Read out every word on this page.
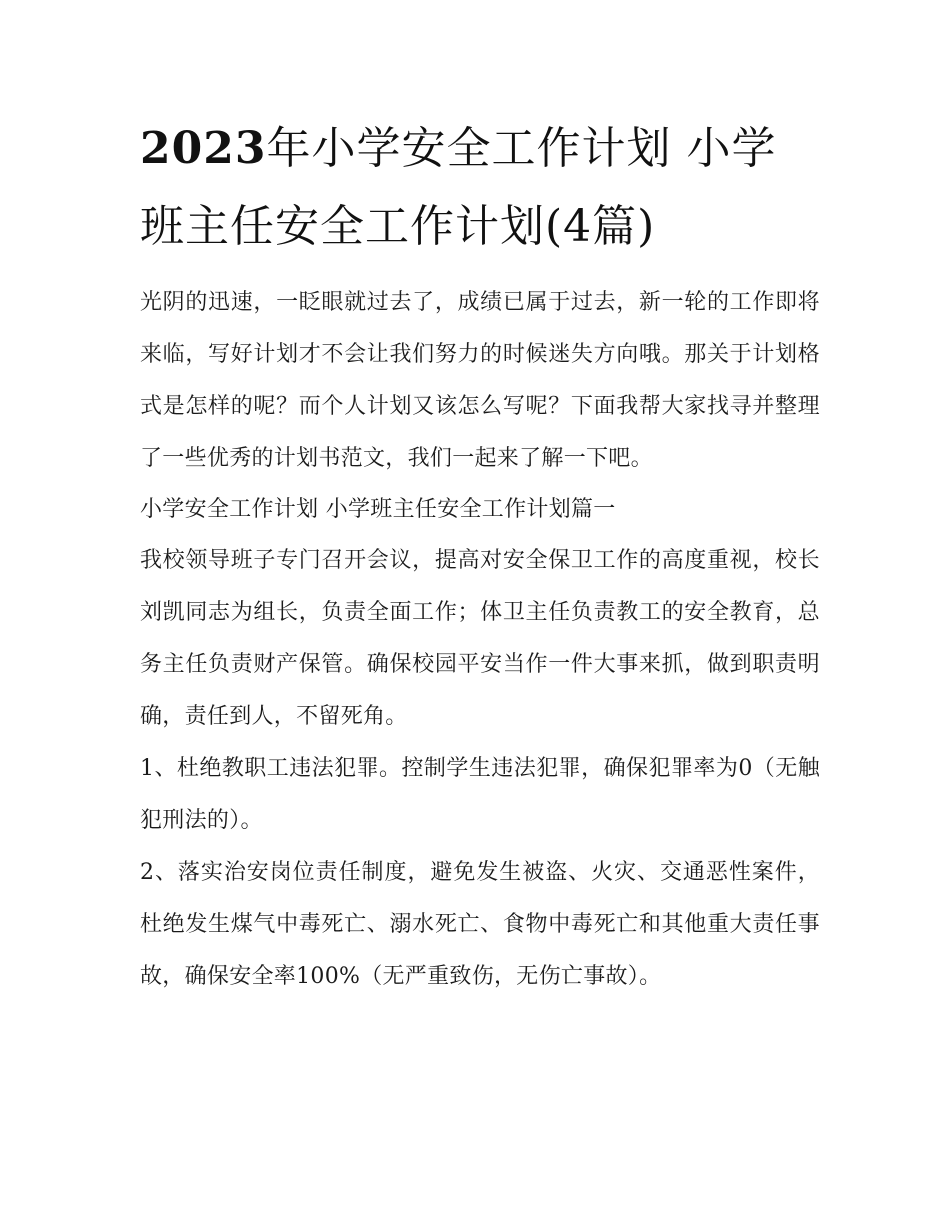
2023年小学安全工作计划 小学班主任安全工作计划(4篇)

光阴的迅速，一眨眼就过去了，成绩已属于过去，新一轮的工作即将来临，写好计划才不会让我们努力的时候迷失方向哦。那关于计划格式是怎样的呢？而个人计划又该怎么写呢？下面我帮大家找寻并整理了一些优秀的计划书范文，我们一起来了解一下吧。

小学安全工作计划 小学班主任安全工作计划篇一

我校领导班子专门召开会议，提高对安全保卫工作的高度重视，校长刘凯同志为组长，负责全面工作；体卫主任负责教工的安全教育，总务主任负责财产保管。确保校园平安当作一件大事来抓，做到职责明确，责任到人，不留死角。

1、杜绝教职工违法犯罪。控制学生违法犯罪，确保犯罪率为0（无触犯刑法的）。

2、落实治安岗位责任制度，避免发生被盗、火灾、交通恶性案件，杜绝发生煤气中毒死亡、溺水死亡、食物中毒死亡和其他重大责任事故，确保安全率100%（无严重致伤，无伤亡事故）。
